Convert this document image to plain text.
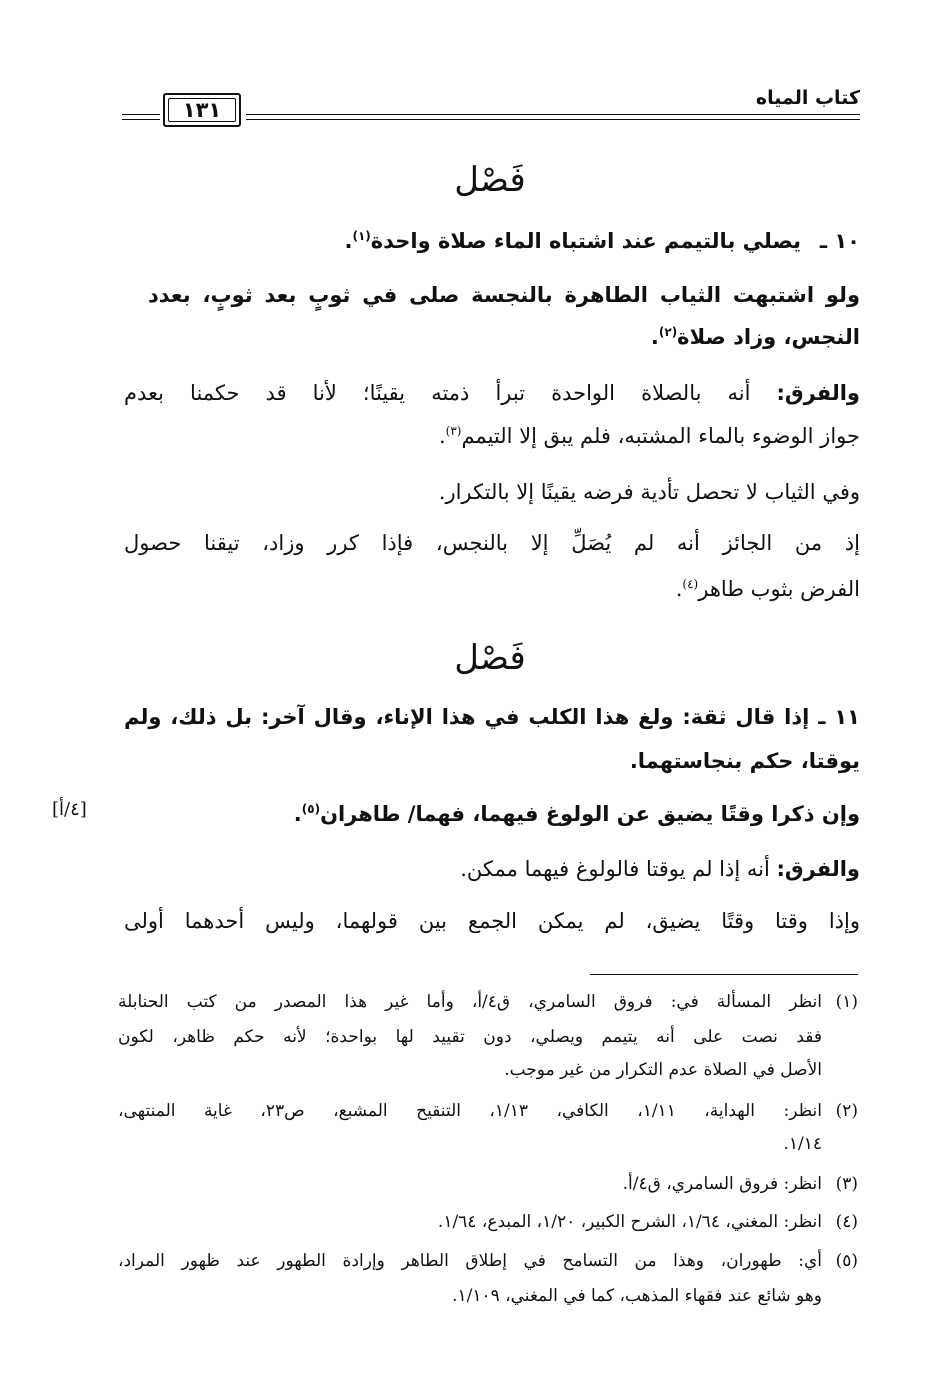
كتاب المياه
١٣١
فَصْل
١٠ ـ   يصلي بالتيمم عند اشتباه الماء صلاة واحدة$^{(١)}$.
ولو اشتبهت الثياب الطاهرة بالنجسة صلى في ثوبٍ بعد ثوبٍ، بعدد
النجس، وزاد صلاة$^{(٢)}$.
والفرق: أنه بالصلاة الواحدة تبرأ ذمته يقينًا؛ لأنا قد حكمنا بعدم
جواز الوضوء بالماء المشتبه، فلم يبق إلا التيمم$^{(٣)}$.
وفي الثياب لا تحصل تأدية فرضه يقينًا إلا بالتكرار.
إذ من الجائز أنه لم يُصَلِّ إلا بالنجس، فإذا كرر وزاد، تيقنا حصول
الفرض بثوب طاهر$^{(٤)}$.
فَصْل
١١ ـ إذا قال ثقة: ولغ هذا الكلب في هذا الإناء، وقال آخر: بل ذلك، ولم
يوقتا، حكم بنجاستهما.
وإن ذكرا وقتًا يضيق عن الولوغ فيهما، فهما/ طاهران$^{(٥)}$.
[٤/أ]
والفرق: أنه إذا لم يوقتا فالولوغ فيهما ممكن.
وإذا وقتا وقتًا يضيق، لم يمكن الجمع بين قولهما، وليس أحدهما أولى
(١)
انظر المسألة في: فروق السامري، ق٤/أ، وأما غير هذا المصدر من كتب الحنابلة
فقد نصت على أنه يتيمم ويصلي، دون تقييد لها بواحدة؛ لأنه حكم ظاهر، لكون
الأصل في الصلاة عدم التكرار من غير موجب.
(٢)
انظر: الهداية، ١/١١، الكافي، ١/١٣، التنقيح المشبع، ص٢٣، غاية المنتهى،
١/١٤.
(٣)
انظر: فروق السامري، ق٤/أ.
(٤)
انظر: المغني، ١/٦٤، الشرح الكبير، ١/٢٠، المبدع، ١/٦٤.
(٥)
أي: طهوران، وهذا من التسامح في إطلاق الطاهر وإرادة الطهور عند ظهور المراد،
وهو شائع عند فقهاء المذهب، كما في المغني، ١/١٠٩.
